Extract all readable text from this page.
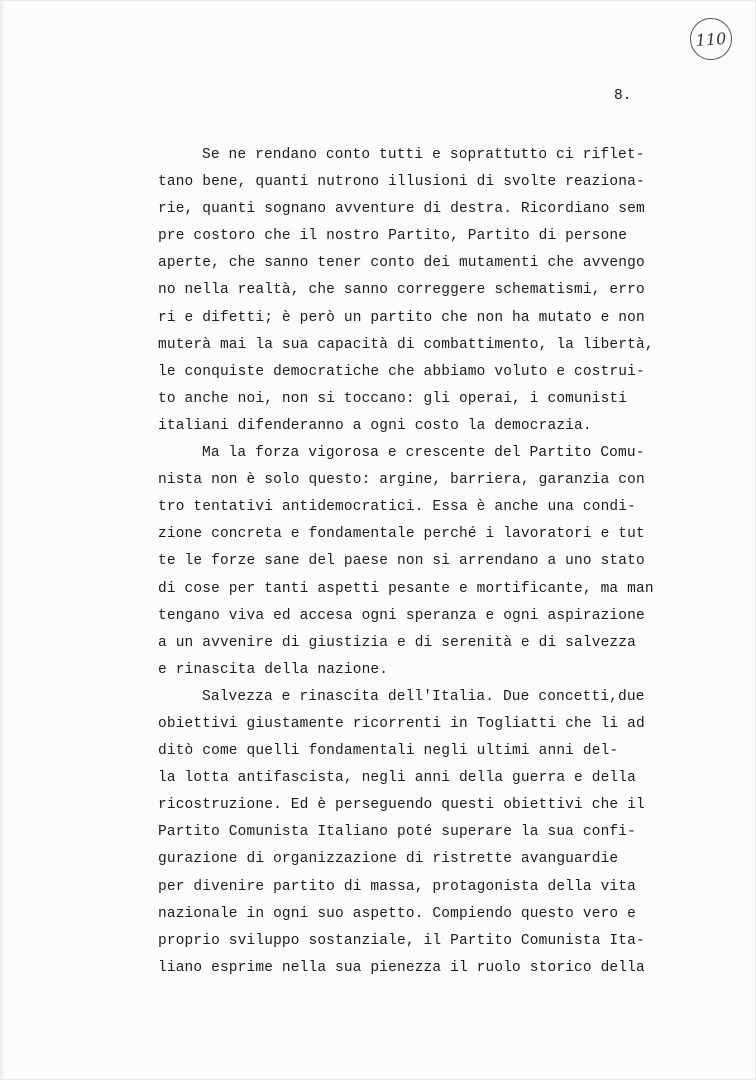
110
8.
Se ne rendano conto tutti e soprattutto ci riflet-
tano bene, quanti nutrono illusioni di svolte reaziona-
rie, quanti sognano avventure di destra. Ricordiano sem
pre costoro che il nostro Partito, Partito di persone
aperte, che sanno tener conto dei mutamenti che avvengo
no nella realtà, che sanno correggere schematismi, erro
ri e difetti; è però un partito che non ha mutato e non
muterà mai la sua capacità di combattimento, la libertà,
le conquiste democratiche che abbiamo voluto e costrui-
to anche noi, non si toccano: gli operai, i comunisti
italiani difenderanno a ogni costo la democrazia.
Ma la forza vigorosa e crescente del Partito Comu-
nista non è solo questo: argine, barriera, garanzia con
tro tentativi antidemocratici. Essa è anche una condi-
zione concreta e fondamentale perché i lavoratori e tut
te le forze sane del paese non si arrendano a uno stato
di cose per tanti aspetti pesante e mortificante, ma man
tengano viva ed accesa ogni speranza e ogni aspirazione
a un avvenire di giustizia e di serenità e di salvezza
e rinascita della nazione.
Salvezza e rinascita dell'Italia. Due concetti,due
obiettivi giustamente ricorrenti in Togliatti che li ad
ditò come quelli fondamentali negli ultimi anni del-
la lotta antifascista, negli anni della guerra e della
ricostruzione. Ed è perseguendo questi obiettivi che il
Partito Comunista Italiano poté superare la sua confi-
gurazione di organizzazione di ristrette avanguardie
per divenire partito di massa, protagonista della vita
nazionale in ogni suo aspetto. Compiendo questo vero e
proprio sviluppo sostanziale, il Partito Comunista Ita-
liano esprime nella sua pienezza il ruolo storico della
